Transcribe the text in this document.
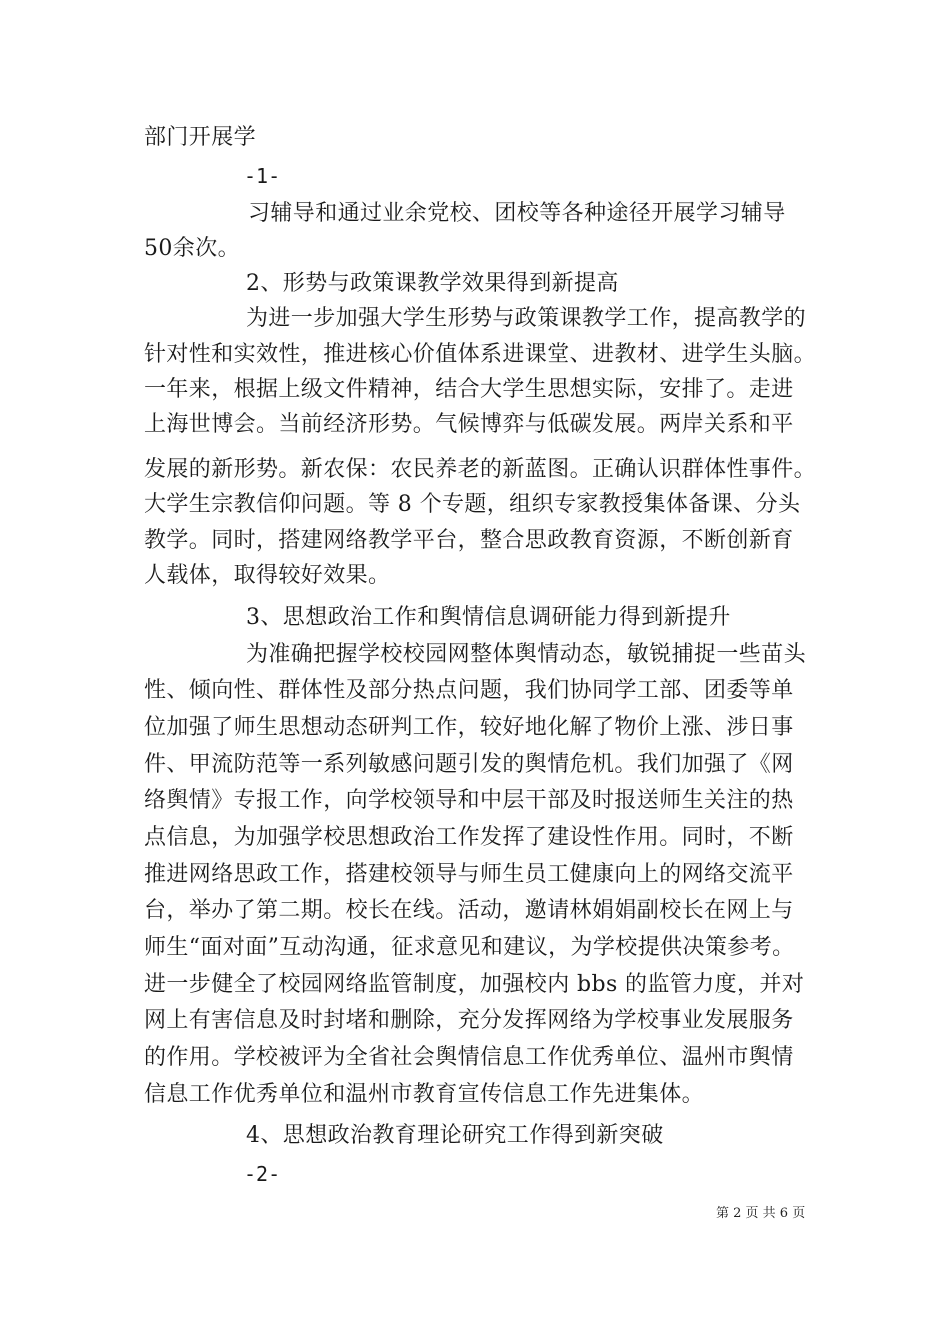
部门开展学
-1-
习辅导和通过业余党校、团校等各种途径开展学习辅导
50余次。
2、形势与政策课教学效果得到新提高
为进一步加强大学生形势与政策课教学工作，提高教学的
针对性和实效性，推进核心价值体系进课堂、进教材、进学生头脑。
一年来，根据上级文件精神，结合大学生思想实际，安排了。走进
上海世博会。当前经济形势。气候博弈与低碳发展。两岸关系和平
发展的新形势。新农保：农民养老的新蓝图。正确认识群体性事件。
大学生宗教信仰问题。等 8 个专题，组织专家教授集体备课、分头
教学。同时，搭建网络教学平台，整合思政教育资源，不断创新育
人载体，取得较好效果。
3、思想政治工作和舆情信息调研能力得到新提升
为准确把握学校校园网整体舆情动态，敏锐捕捉一些苗头
性、倾向性、群体性及部分热点问题，我们协同学工部、团委等单
位加强了师生思想动态研判工作，较好地化解了物价上涨、涉日事
件、甲流防范等一系列敏感问题引发的舆情危机。我们加强了《网
络舆情》专报工作，向学校领导和中层干部及时报送师生关注的热
点信息，为加强学校思想政治工作发挥了建设性作用。同时，不断
推进网络思政工作，搭建校领导与师生员工健康向上的网络交流平
台，举办了第二期。校长在线。活动，邀请林娟娟副校长在网上与
师生“面对面”互动沟通，征求意见和建议，为学校提供决策参考。
进一步健全了校园网络监管制度，加强校内 bbs 的监管力度，并对
网上有害信息及时封堵和删除，充分发挥网络为学校事业发展服务
的作用。学校被评为全省社会舆情信息工作优秀单位、温州市舆情
信息工作优秀单位和温州市教育宣传信息工作先进集体。
4、思想政治教育理论研究工作得到新突破
-2-
第 2 页 共 6 页
